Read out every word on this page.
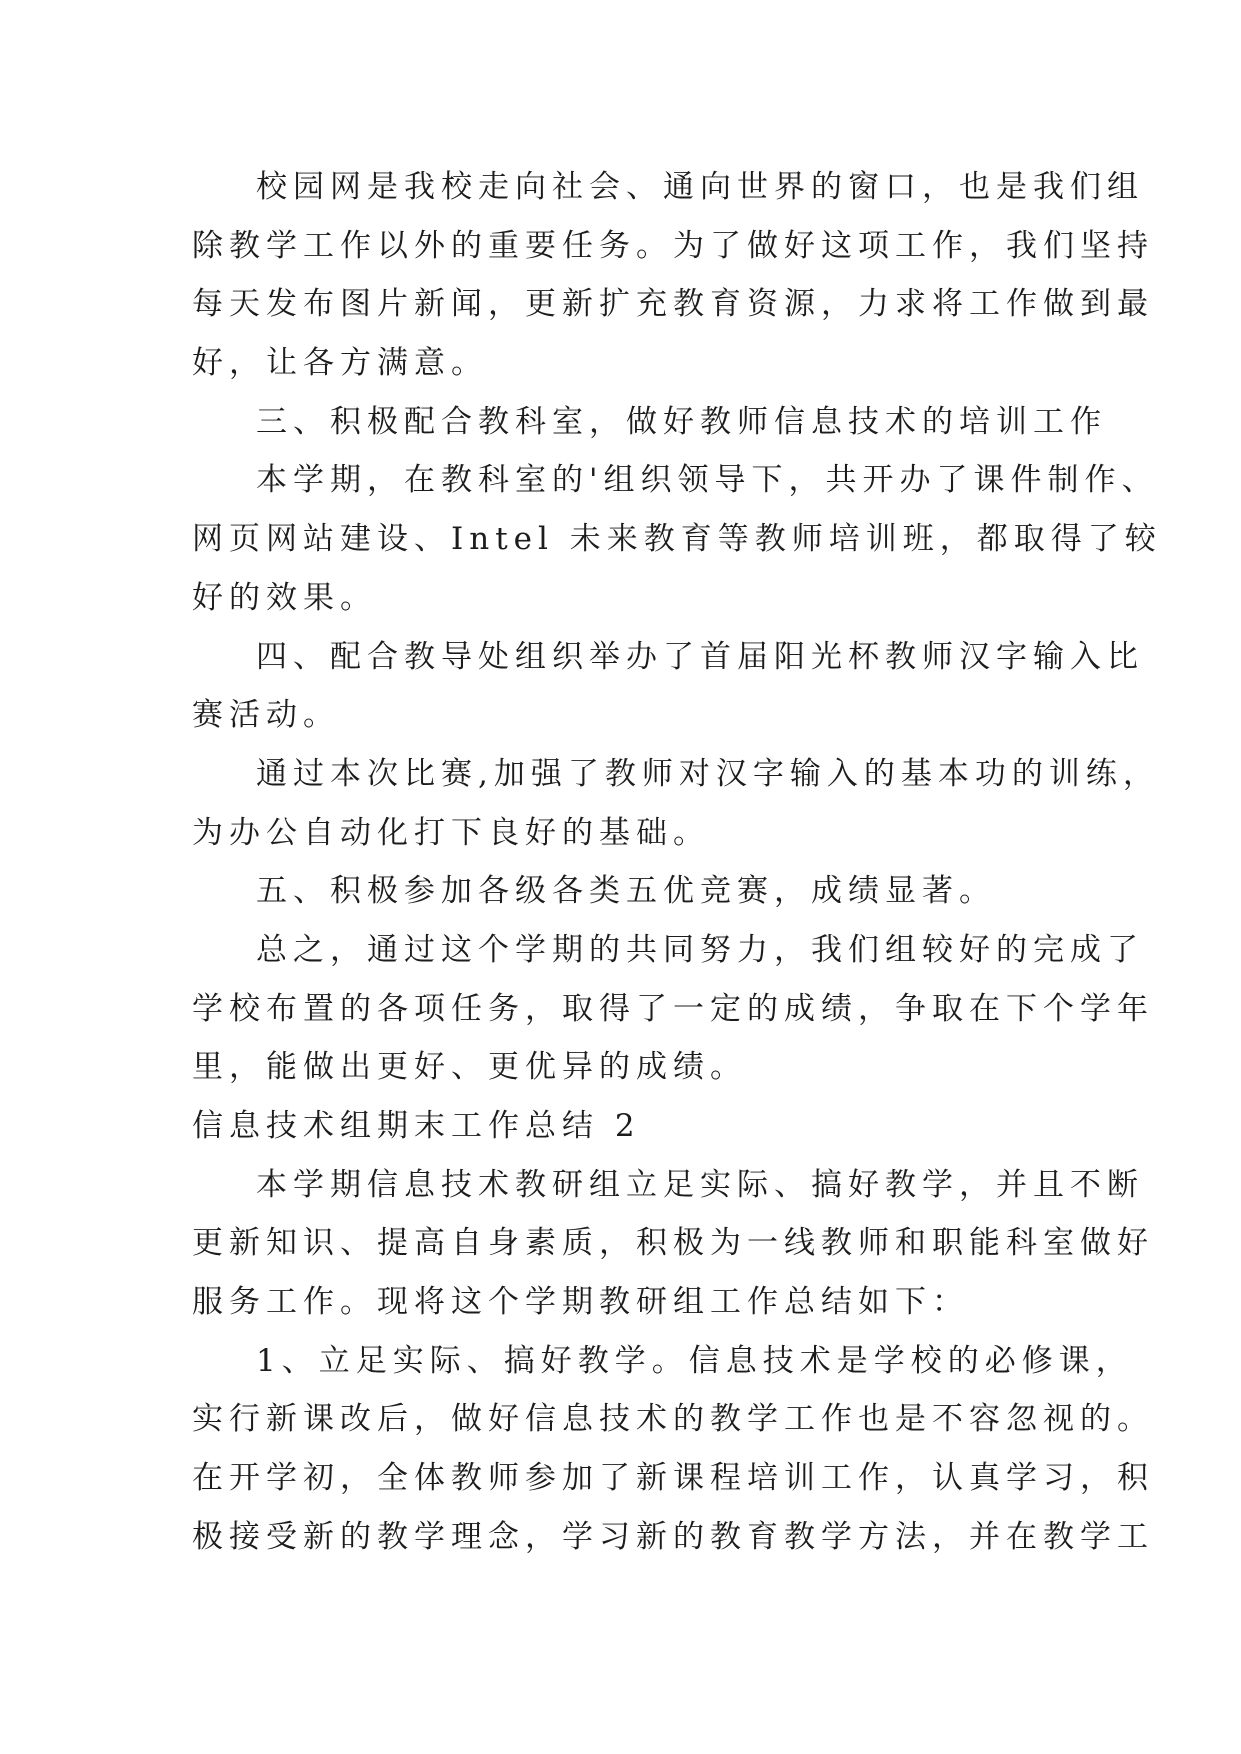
校园网是我校走向社会、通向世界的窗口，也是我们组
除教学工作以外的重要任务。为了做好这项工作，我们坚持
每天发布图片新闻，更新扩充教育资源，力求将工作做到最
好，让各方满意。
三、积极配合教科室，做好教师信息技术的培训工作
本学期，在教科室的'组织领导下，共开办了课件制作、
网页网站建设、Intel 未来教育等教师培训班，都取得了较
好的效果。
四、配合教导处组织举办了首届阳光杯教师汉字输入比
赛活动。
通过本次比赛,加强了教师对汉字输入的基本功的训练，
为办公自动化打下良好的基础。
五、积极参加各级各类五优竞赛，成绩显著。
总之，通过这个学期的共同努力，我们组较好的完成了
学校布置的各项任务，取得了一定的成绩，争取在下个学年
里，能做出更好、更优异的成绩。
信息技术组期末工作总结 2
本学期信息技术教研组立足实际、搞好教学，并且不断
更新知识、提高自身素质，积极为一线教师和职能科室做好
服务工作。现将这个学期教研组工作总结如下：
1、立足实际、搞好教学。信息技术是学校的必修课，
实行新课改后，做好信息技术的教学工作也是不容忽视的。
在开学初，全体教师参加了新课程培训工作，认真学习，积
极接受新的教学理念，学习新的教育教学方法，并在教学工
